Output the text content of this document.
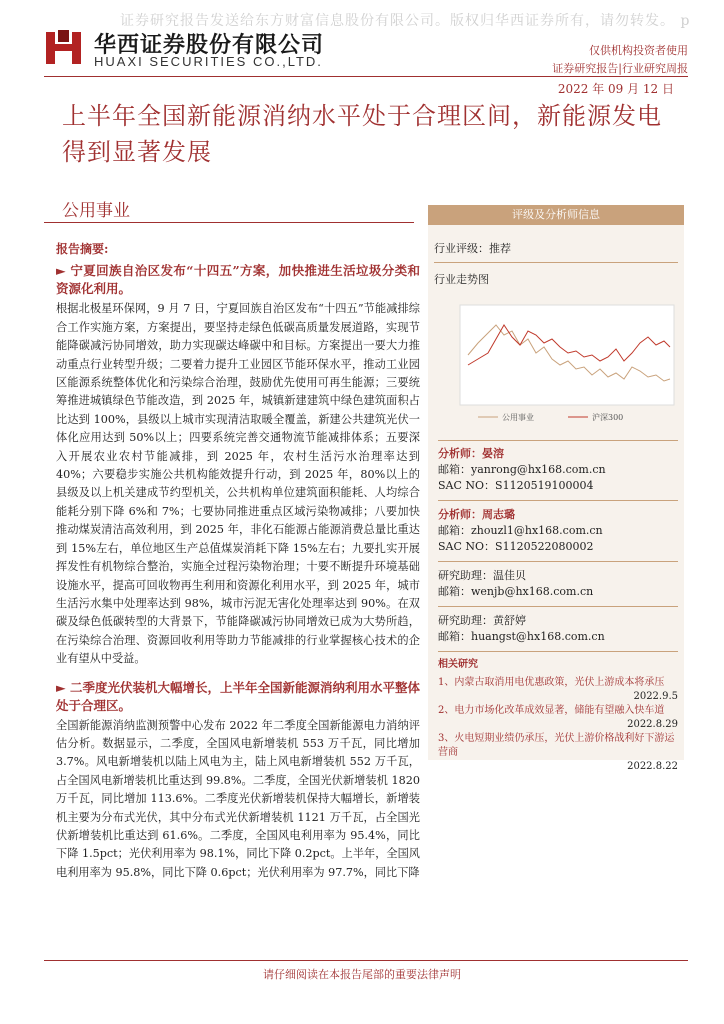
证券研究报告发送给东方财富信息股份有限公司。版权归华西证券所有，请勿转发。 p
华西证券股份有限公司
HUAXI SECURITIES CO.,LTD.
仅供机构投资者使用
证券研究报告|行业研究周报
2022 年 09 月 12 日
上半年全国新能源消纳水平处于合理区间，新能源发电得到显著发展
公用事业
报告摘要:
► 宁夏回族自治区发布“十四五”方案，加快推进生活垃圾分类和资源化利用。
根据北极星环保网，9 月 7 日，宁夏回族自治区发布“十四五”节能减排综合工作实施方案，方案提出，要坚持走绿色低碳高质量发展道路，实现节能降碳减污协同增效，助力实现碳达峰碳中和目标。方案提出一要大力推动重点行业转型升级；二要着力提升工业园区节能环保水平，推动工业园区能源系统整体优化和污染综合治理，鼓励优先使用可再生能源；三要统筹推进城镇绿色节能改造，到 2025 年，城镇新建建筑中绿色建筑面积占比达到 100%，县级以上城市实现清洁取暖全覆盖，新建公共建筑光伏一体化应用达到 50%以上；四要系统完善交通物流节能减排体系；五要深入开展农业农村节能减排，到 2025 年，农村生活污水治理率达到 40%；六要稳步实施公共机构能效提升行动，到 2025 年，80%以上的县级及以上机关建成节约型机关，公共机构单位建筑面积能耗、人均综合能耗分别下降 6%和 7%；七要协同推进重点区域污染物减排；八要加快推动煤炭清洁高效利用，到 2025 年，非化石能源占能源消费总量比重达到 15%左右，单位地区生产总值煤炭消耗下降 15%左右；九要扎实开展挥发性有机物综合整治，实施全过程污染物治理；十要不断提升环境基础设施水平，提高可回收物再生利用和资源化利用水平，到 2025 年，城市生活污水集中处理率达到 98%，城市污泥无害化处理率达到 90%。在双碳及绿色低碳转型的大背景下，节能降碳减污协同增效已成为大势所趋，在污染综合治理、资源回收利用等助力节能减排的行业掌握核心技术的企业有望从中受益。
► 二季度光伏装机大幅增长，上半年全国新能源消纳利用水平整体处于合理区。
全国新能源消纳监测预警中心发布 2022 年二季度全国新能源电力消纳评估分析。数据显示，二季度，全国风电新增装机 553 万千瓦，同比增加 3.7%。风电新增装机以陆上风电为主，陆上风电新增装机 552 万千瓦，占全国风电新增装机比重达到 99.8%。二季度，全国光伏新增装机 1820 万千瓦，同比增加 113.6%。二季度光伏新增装机保持大幅增长，新增装机主要为分布式光伏，其中分布式光伏新增装机 1121 万千瓦，占全国光伏新增装机比重达到 61.6%。二季度，全国风电利用率为 95.4%，同比下降 1.5pct；光伏利用率为 98.1%，同比下降 0.2pct。上半年，全国风电利用率为 95.8%，同比下降 0.6pct；光伏利用率为 97.7%，同比下降
评级及分析师信息
行业评级：推荐
行业走势图
公用事业	沪深300
分析师：晏溶
邮箱：yanrong@hx168.com.cn
SAC NO：S1120519100004
分析师：周志璐
邮箱：zhouzl1@hx168.com.cn
SAC NO：S1120522080002
研究助理：温佳贝
邮箱：wenjb@hx168.com.cn
研究助理：黄舒婷
邮箱：huangst@hx168.com.cn
相关研究
1、内蒙古取消用电优惠政策，光伏上游成本将承压
2022.9.5
2、电力市场化改革成效显著，储能有望融入快车道
2022.8.29
3、火电短期业绩仍承压，光伏上游价格战利好下游运营商
2022.8.22
请仔细阅读在本报告尾部的重要法律声明
